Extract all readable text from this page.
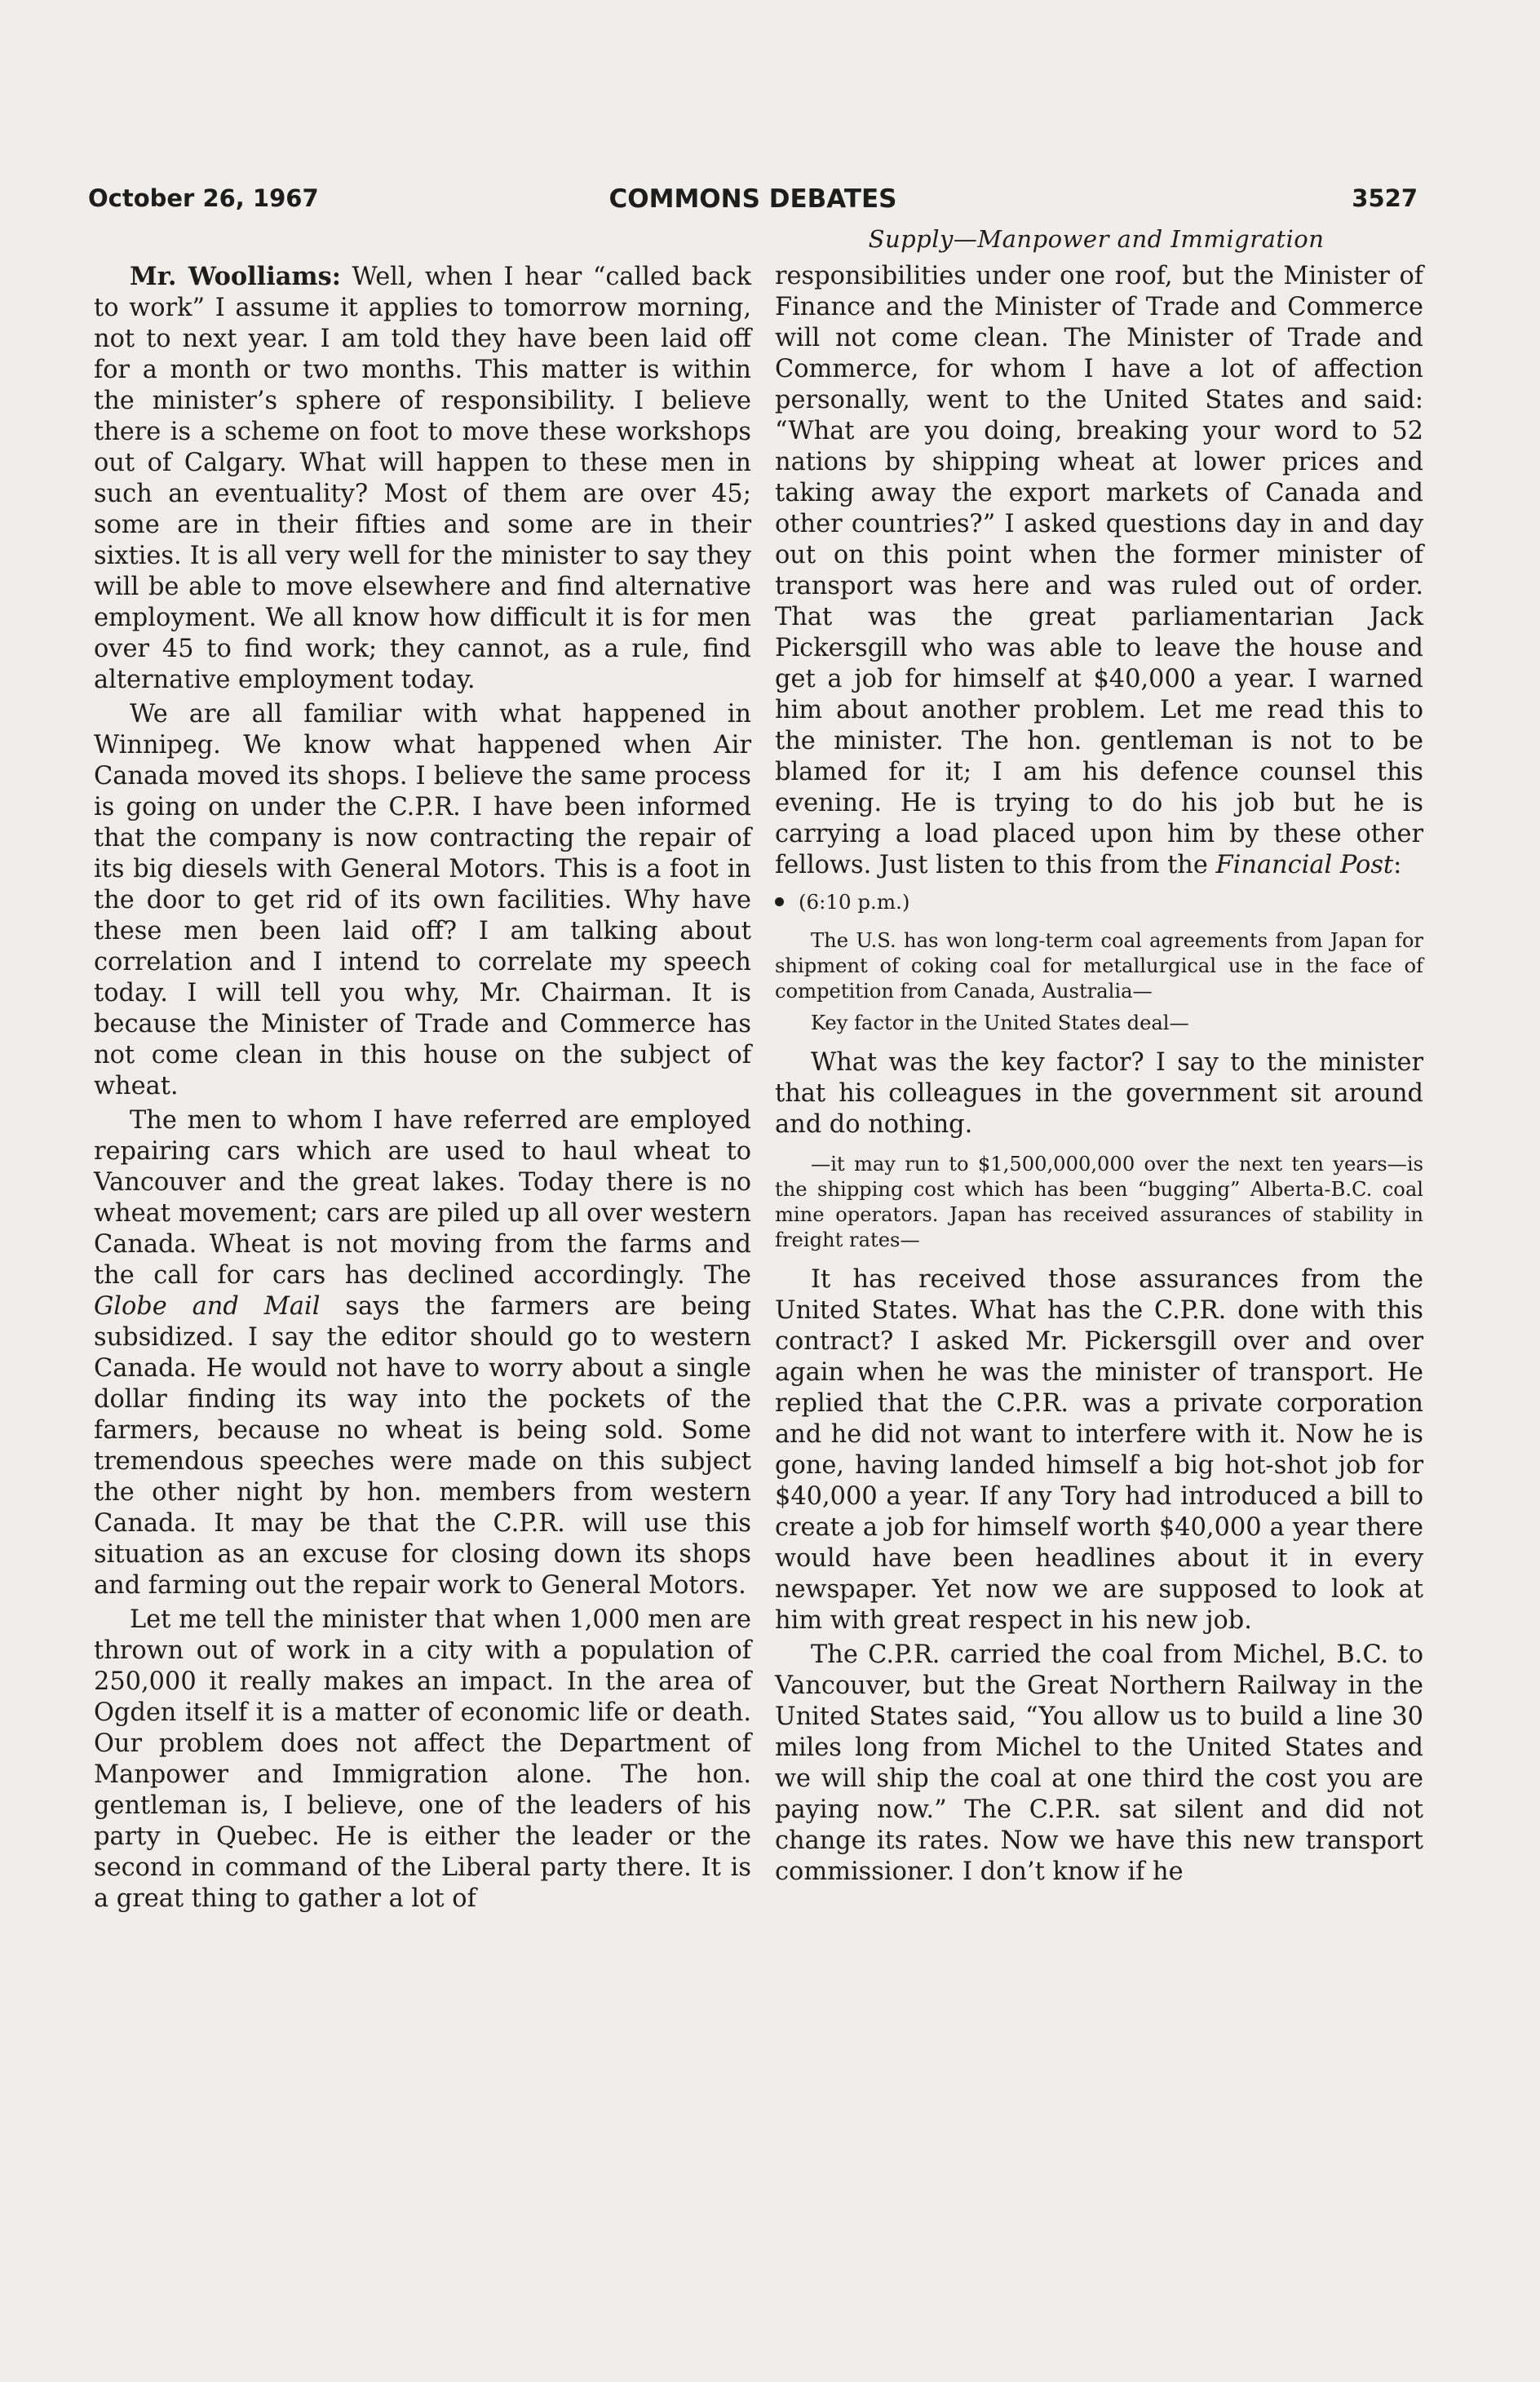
October 26, 1967	COMMONS DEBATES	3527
Supply—Manpower and Immigration

Mr. Woolliams: Well, when I hear “called back to work” I assume it applies to tomorrow morning, not to next year. I am told they have been laid off for a month or two months. This matter is within the minister’s sphere of responsibility. I believe there is a scheme on foot to move these workshops out of Calgary. What will happen to these men in such an eventuality? Most of them are over 45; some are in their fifties and some are in their sixties. It is all very well for the minister to say they will be able to move elsewhere and find alternative employment. We all know how difficult it is for men over 45 to find work; they cannot, as a rule, find alternative employment today.

We are all familiar with what happened in Winnipeg. We know what happened when Air Canada moved its shops. I believe the same process is going on under the C.P.R. I have been informed that the company is now contracting the repair of its big diesels with General Motors. This is a foot in the door to get rid of its own facilities. Why have these men been laid off? I am talking about correlation and I intend to correlate my speech today. I will tell you why, Mr. Chairman. It is because the Minister of Trade and Commerce has not come clean in this house on the subject of wheat.

The men to whom I have referred are employed repairing cars which are used to haul wheat to Vancouver and the great lakes. Today there is no wheat movement; cars are piled up all over western Canada. Wheat is not moving from the farms and the call for cars has declined accordingly. The Globe and Mail says the farmers are being subsidized. I say the editor should go to western Canada. He would not have to worry about a single dollar finding its way into the pockets of the farmers, because no wheat is being sold. Some tremendous speeches were made on this subject the other night by hon. members from western Canada. It may be that the C.P.R. will use this situation as an excuse for closing down its shops and farming out the repair work to General Motors.

Let me tell the minister that when 1,000 men are thrown out of work in a city with a population of 250,000 it really makes an impact. In the area of Ogden itself it is a matter of economic life or death. Our problem does not affect the Department of Manpower and Immigration alone. The hon. gentleman is, I believe, one of the leaders of his party in Quebec. He is either the leader or the second in command of the Liberal party there. It is a great thing to gather a lot of

responsibilities under one roof, but the Minister of Finance and the Minister of Trade and Commerce will not come clean. The Minister of Trade and Commerce, for whom I have a lot of affection personally, went to the United States and said: “What are you doing, breaking your word to 52 nations by shipping wheat at lower prices and taking away the export markets of Canada and other countries?” I asked questions day in and day out on this point when the former minister of transport was here and was ruled out of order. That was the great parliamentarian Jack Pickersgill who was able to leave the house and get a job for himself at $40,000 a year. I warned him about another problem. Let me read this to the minister. The hon. gentleman is not to be blamed for it; I am his defence counsel this evening. He is trying to do his job but he is carrying a load placed upon him by these other fellows. Just listen to this from the Financial Post:

(6:10 p.m.)

The U.S. has won long-term coal agreements from Japan for shipment of coking coal for metallurgical use in the face of competition from Canada, Australia—

Key factor in the United States deal—

What was the key factor? I say to the minister that his colleagues in the government sit around and do nothing.

—it may run to $1,500,000,000 over the next ten years—is the shipping cost which has been “bugging” Alberta-B.C. coal mine operators. Japan has received assurances of stability in freight rates—

It has received those assurances from the United States. What has the C.P.R. done with this contract? I asked Mr. Pickersgill over and over again when he was the minister of transport. He replied that the C.P.R. was a private corporation and he did not want to interfere with it. Now he is gone, having landed himself a big hot-shot job for $40,000 a year. If any Tory had introduced a bill to create a job for himself worth $40,000 a year there would have been headlines about it in every newspaper. Yet now we are supposed to look at him with great respect in his new job.

The C.P.R. carried the coal from Michel, B.C. to Vancouver, but the Great Northern Railway in the United States said, “You allow us to build a line 30 miles long from Michel to the United States and we will ship the coal at one third the cost you are paying now.” The C.P.R. sat silent and did not change its rates. Now we have this new transport commissioner. I don’t know if he
